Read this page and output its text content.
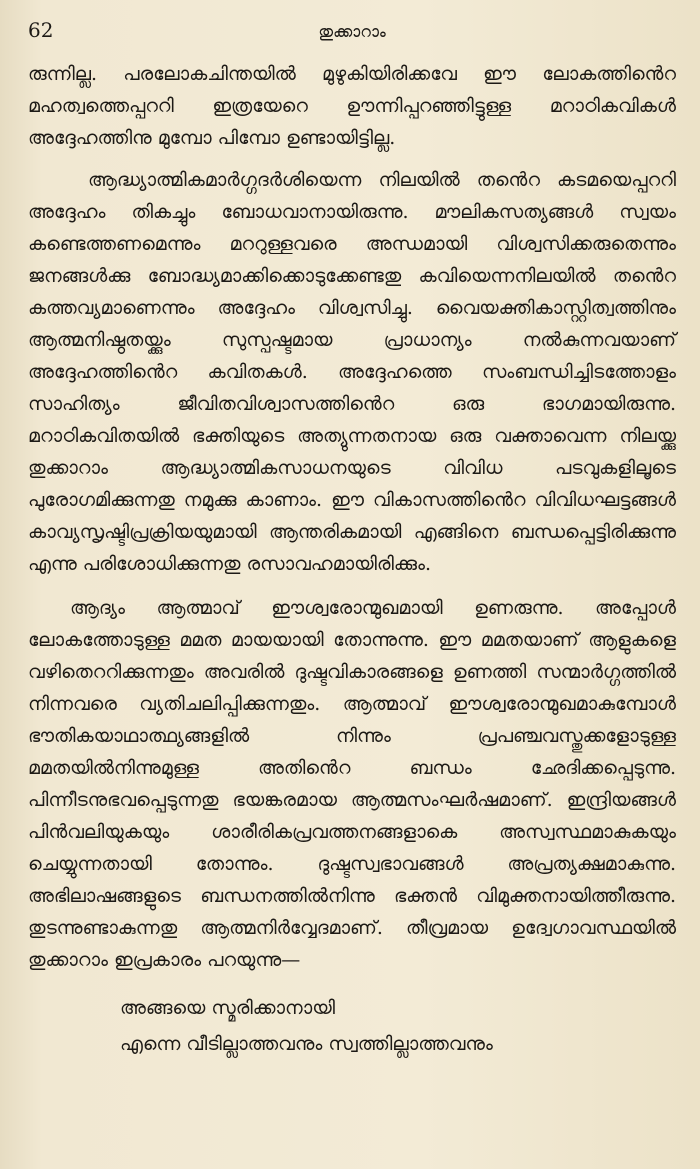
62	തുക്കാറാം

രുന്നില്ല. പരലോകചിന്തയിൽ മുഴുകിയിരിക്കവേ ഈ ലോകത്തിൻെറ മഹത്വത്തെപ്പററി ഇത്രയേറെ ഊന്നിപ്പറഞ്ഞിട്ടുള്ള മറാഠികവികൾ അദ്ദേഹത്തിനു മുമ്പോ പിമ്പോ ഉണ്ടായിട്ടില്ല.

ആദ്ധ്യാത്മികമാർഗ്ഗദർശിയെന്ന നിലയിൽ തൻെറ കടമയെപ്പററി അദ്ദേഹം തികച്ചും ബോധവാനായിരുന്നു. മൗലികസത്യങ്ങൾ സ്വയം കണ്ടെത്തണമെന്നും മററുള്ളവരെ അന്ധമായി വിശ്വസിക്കരുതെന്നും ജനങ്ങൾക്കു ബോദ്ധ്യമാക്കിക്കൊടുക്കേണ്ടതു കവിയെന്നനിലയിൽ തൻെറ കത്തവ്യമാണെന്നും അദ്ദേഹം വിശ്വസിച്ചു. വൈയക്തികാസ്റ്റിത്വത്തിനും ആത്മനിഷ്ഠതയ്ക്കും സുസ്പഷ്ടമായ പ്രാധാന്യം നൽകുന്നവയാണ് അദ്ദേഹത്തിൻെറ കവിതകൾ. അദ്ദേഹത്തെ സംബന്ധിച്ചിടത്തോളം സാഹിത്യം ജീവിതവിശ്വാസത്തിൻെറ ഒരു ഭാഗമായിരുന്നു. മറാഠികവിതയിൽ ഭക്തിയുടെ അത്യുന്നതനായ ഒരു വക്താവെന്ന നിലയ്ക്കു തുക്കാറാം ആദ്ധ്യാത്മികസാധനയുടെ വിവിധ പടവുകളിലൂടെ പുരോഗമിക്കുന്നതു നമുക്കു കാണാം. ഈ വികാസത്തിൻെറ വിവിധഘട്ടങ്ങൾ കാവ്യസൃഷ്ടിപ്രക്രിയയുമായി ആന്തരികമായി എങ്ങിനെ ബന്ധപ്പെട്ടിരിക്കുന്നു എന്നു പരിശോധിക്കുന്നതു രസാവഹമായിരിക്കും.

ആദ്യം ആത്മാവ് ഈശ്വരോന്മുഖമായി ഉണരുന്നു. അപ്പോൾ ലോകത്തോടുള്ള മമത മായയായി തോന്നുന്നു. ഈ മമതയാണ് ആളുകളെ വഴിതെററിക്കുന്നതും അവരിൽ ദുഷ്ടവികാരങ്ങളെ ഉണത്തി സന്മാർഗ്ഗത്തിൽ നിന്നവരെ വ്യതിചലിപ്പിക്കുന്നതും. ആത്മാവ് ഈശ്വരോന്മുഖമാകുമ്പോൾ ഭൗതികയാഥാത്ഥ്യങ്ങളിൽ നിന്നും പ്രപഞ്ചവസ്തുക്കളോടുള്ള മമതയിൽനിന്നുമുള്ള അതിൻെറ ബന്ധം ഛേദിക്കപ്പെടുന്നു. പിന്നീടനുഭവപ്പെടുന്നതു ഭയങ്കരമായ ആത്മസംഘർഷമാണ്. ഇന്ദ്രിയങ്ങൾ പിൻവലിയുകയും ശാരീരികപ്രവത്തനങ്ങളാകെ അസ്വസ്ഥമാകുകയും ചെയ്യുന്നതായി തോന്നും. ദുഷ്ടസ്വഭാവങ്ങൾ അപ്രത്യക്ഷമാകുന്നു. അഭിലാഷങ്ങളുടെ ബന്ധനത്തിൽനിന്നു ഭക്തൻ വിമുക്തനായിത്തീരുന്നു. തുടന്നുണ്ടാകുന്നതു ആത്മനിർവ്വേദമാണ്. തീവ്രമായ ഉദ്വേഗാവസ്ഥയിൽ തുക്കാറാം ഇപ്രകാരം പറയുന്നു—

അങ്ങയെ സ്മരിക്കാനായി
എന്നെ വീടില്ലാത്തവനും സ്വത്തില്ലാത്തവനും
